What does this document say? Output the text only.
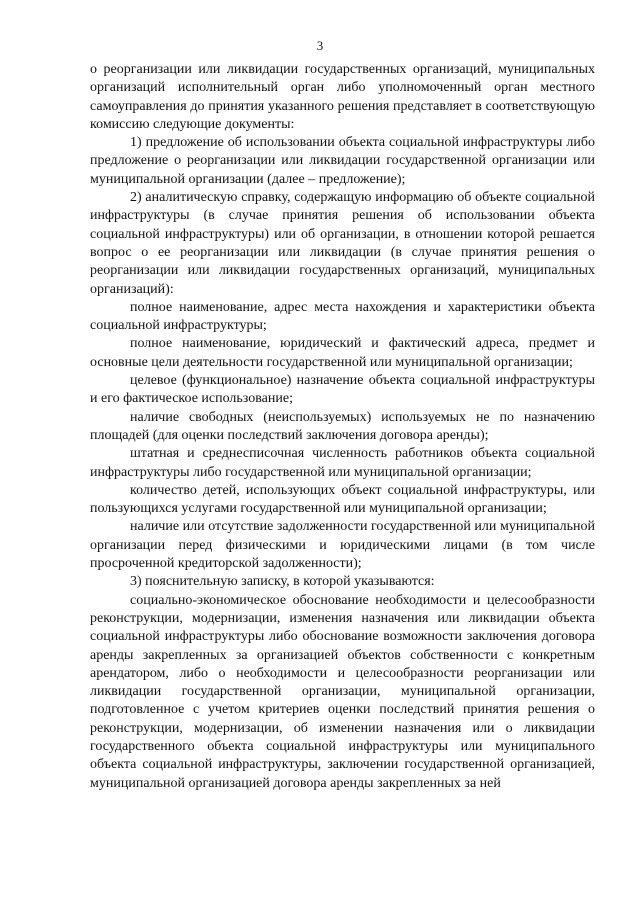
3

о реорганизации или ликвидации государственных организаций, муниципальных организаций исполнительный орган либо уполномоченный орган местного самоуправления до принятия указанного решения представляет в соответствующую комиссию следующие документы:

1) предложение об использовании объекта социальной инфраструктуры либо предложение о реорганизации или ликвидации государственной организации или муниципальной организации (далее – предложение);

2) аналитическую справку, содержащую информацию об объекте социальной инфраструктуры (в случае принятия решения об использовании объекта социальной инфраструктуры) или об организации, в отношении которой решается вопрос о ее реорганизации или ликвидации (в случае принятия решения о реорганизации или ликвидации государственных организаций, муниципальных организаций):

полное наименование, адрес места нахождения и характеристики объекта социальной инфраструктуры;

полное наименование, юридический и фактический адреса, предмет и основные цели деятельности государственной или муниципальной организации;

целевое (функциональное) назначение объекта социальной инфраструктуры и его фактическое использование;

наличие свободных (неиспользуемых) используемых не по назначению площадей (для оценки последствий заключения договора аренды);

штатная и среднесписочная численность работников объекта социальной инфраструктуры либо государственной или муниципальной организации;

количество детей, использующих объект социальной инфраструктуры, или пользующихся услугами государственной или муниципальной организации;

наличие или отсутствие задолженности государственной или муниципальной организации перед физическими и юридическими лицами (в том числе просроченной кредиторской задолженности);

3) пояснительную записку, в которой указываются:

социально-экономическое обоснование необходимости и целесообразности реконструкции, модернизации, изменения назначения или ликвидации объекта социальной инфраструктуры либо обоснование возможности заключения договора аренды закрепленных за организацией объектов собственности с конкретным арендатором, либо о необходимости и целесообразности реорганизации или ликвидации государственной организации, муниципальной организации, подготовленное с учетом критериев оценки последствий принятия решения о реконструкции, модернизации, об изменении назначения или о ликвидации государственного объекта социальной инфраструктуры или муниципального объекта социальной инфраструктуры, заключении государственной организацией, муниципальной организацией договора аренды закрепленных за ней
